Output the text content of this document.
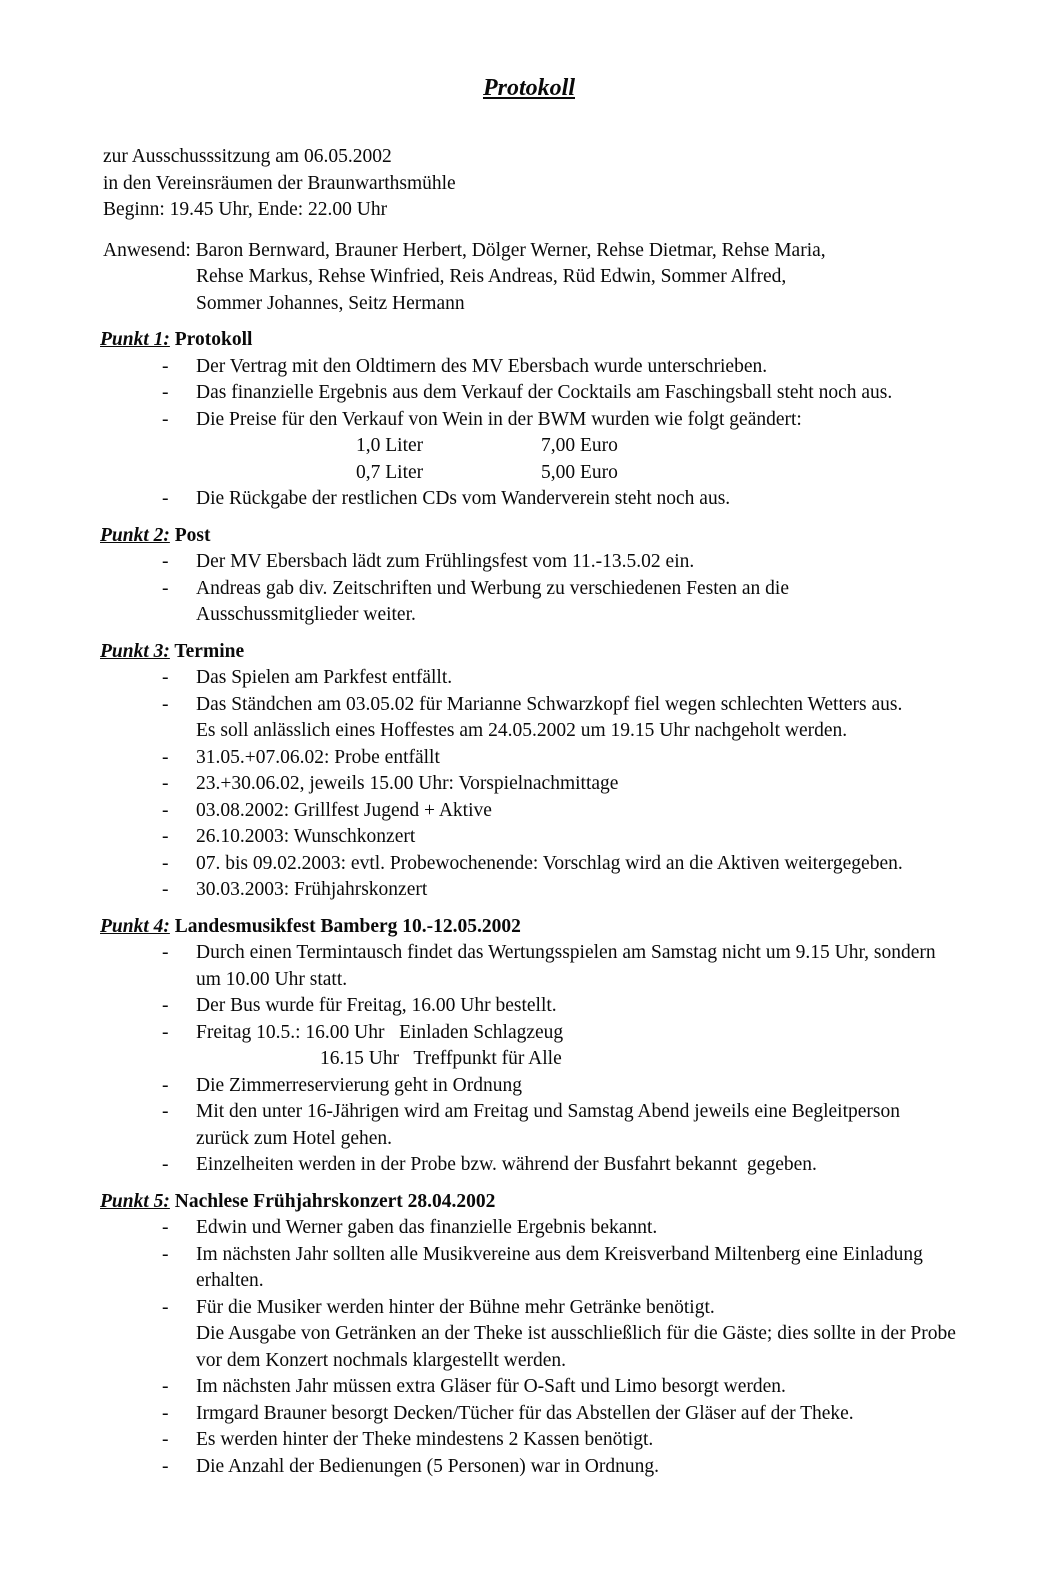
Protokoll

zur Ausschusssitzung am 06.05.2002

in den Vereinsräumen der Braunwarthsmühle

Beginn: 19.45 Uhr, Ende: 22.00 Uhr

Anwesend: Baron Bernward, Brauner Herbert, Dölger Werner, Rehse Dietmar, Rehse Maria,

Rehse Markus, Rehse Winfried, Reis Andreas, Rüd Edwin, Sommer Alfred,

Sommer Johannes, Seitz Hermann

Punkt 1: Protokoll

- Der Vertrag mit den Oldtimern des MV Ebersbach wurde unterschrieben.

- Das finanzielle Ergebnis aus dem Verkauf der Cocktails am Faschingsball steht noch aus.

- Die Preise für den Verkauf von Wein in der BWM wurden wie folgt geändert:

1,0 Liter	7,00 Euro

0,7 Liter	5,00 Euro

- Die Rückgabe der restlichen CDs vom Wanderverein steht noch aus.

Punkt 2: Post

- Der MV Ebersbach lädt zum Frühlingsfest vom 11.-13.5.02 ein.

- Andreas gab div. Zeitschriften und Werbung zu verschiedenen Festen an die

Ausschussmitglieder weiter.

Punkt 3: Termine

- Das Spielen am Parkfest entfällt.

- Das Ständchen am 03.05.02 für Marianne Schwarzkopf fiel wegen schlechten Wetters aus.

Es soll anlässlich eines Hoffestes am 24.05.2002 um 19.15 Uhr nachgeholt werden.

- 31.05.+07.06.02: Probe entfällt

- 23.+30.06.02, jeweils 15.00 Uhr: Vorspielnachmittage

- 03.08.2002: Grillfest Jugend + Aktive

- 26.10.2003: Wunschkonzert

- 07. bis 09.02.2003: evtl. Probewochenende: Vorschlag wird an die Aktiven weitergegeben.

- 30.03.2003: Frühjahrskonzert

Punkt 4: Landesmusikfest Bamberg 10.-12.05.2002

- Durch einen Termintausch findet das Wertungsspielen am Samstag nicht um 9.15 Uhr, sondern

um 10.00 Uhr statt.

- Der Bus wurde für Freitag, 16.00 Uhr bestellt.

- Freitag 10.5.: 16.00 Uhr   Einladen Schlagzeug

16.15 Uhr   Treffpunkt für Alle

- Die Zimmerreservierung geht in Ordnung

- Mit den unter 16-Jährigen wird am Freitag und Samstag Abend jeweils eine Begleitperson

zurück zum Hotel gehen.

- Einzelheiten werden in der Probe bzw. während der Busfahrt bekannt  gegeben.

Punkt 5: Nachlese Frühjahrskonzert 28.04.2002

- Edwin und Werner gaben das finanzielle Ergebnis bekannt.

- Im nächsten Jahr sollten alle Musikvereine aus dem Kreisverband Miltenberg eine Einladung

erhalten.

- Für die Musiker werden hinter der Bühne mehr Getränke benötigt.

Die Ausgabe von Getränken an der Theke ist ausschließlich für die Gäste; dies sollte in der Probe

vor dem Konzert nochmals klargestellt werden.

- Im nächsten Jahr müssen extra Gläser für O-Saft und Limo besorgt werden.

- Irmgard Brauner besorgt Decken/Tücher für das Abstellen der Gläser auf der Theke.

- Es werden hinter der Theke mindestens 2 Kassen benötigt.

- Die Anzahl der Bedienungen (5 Personen) war in Ordnung.
